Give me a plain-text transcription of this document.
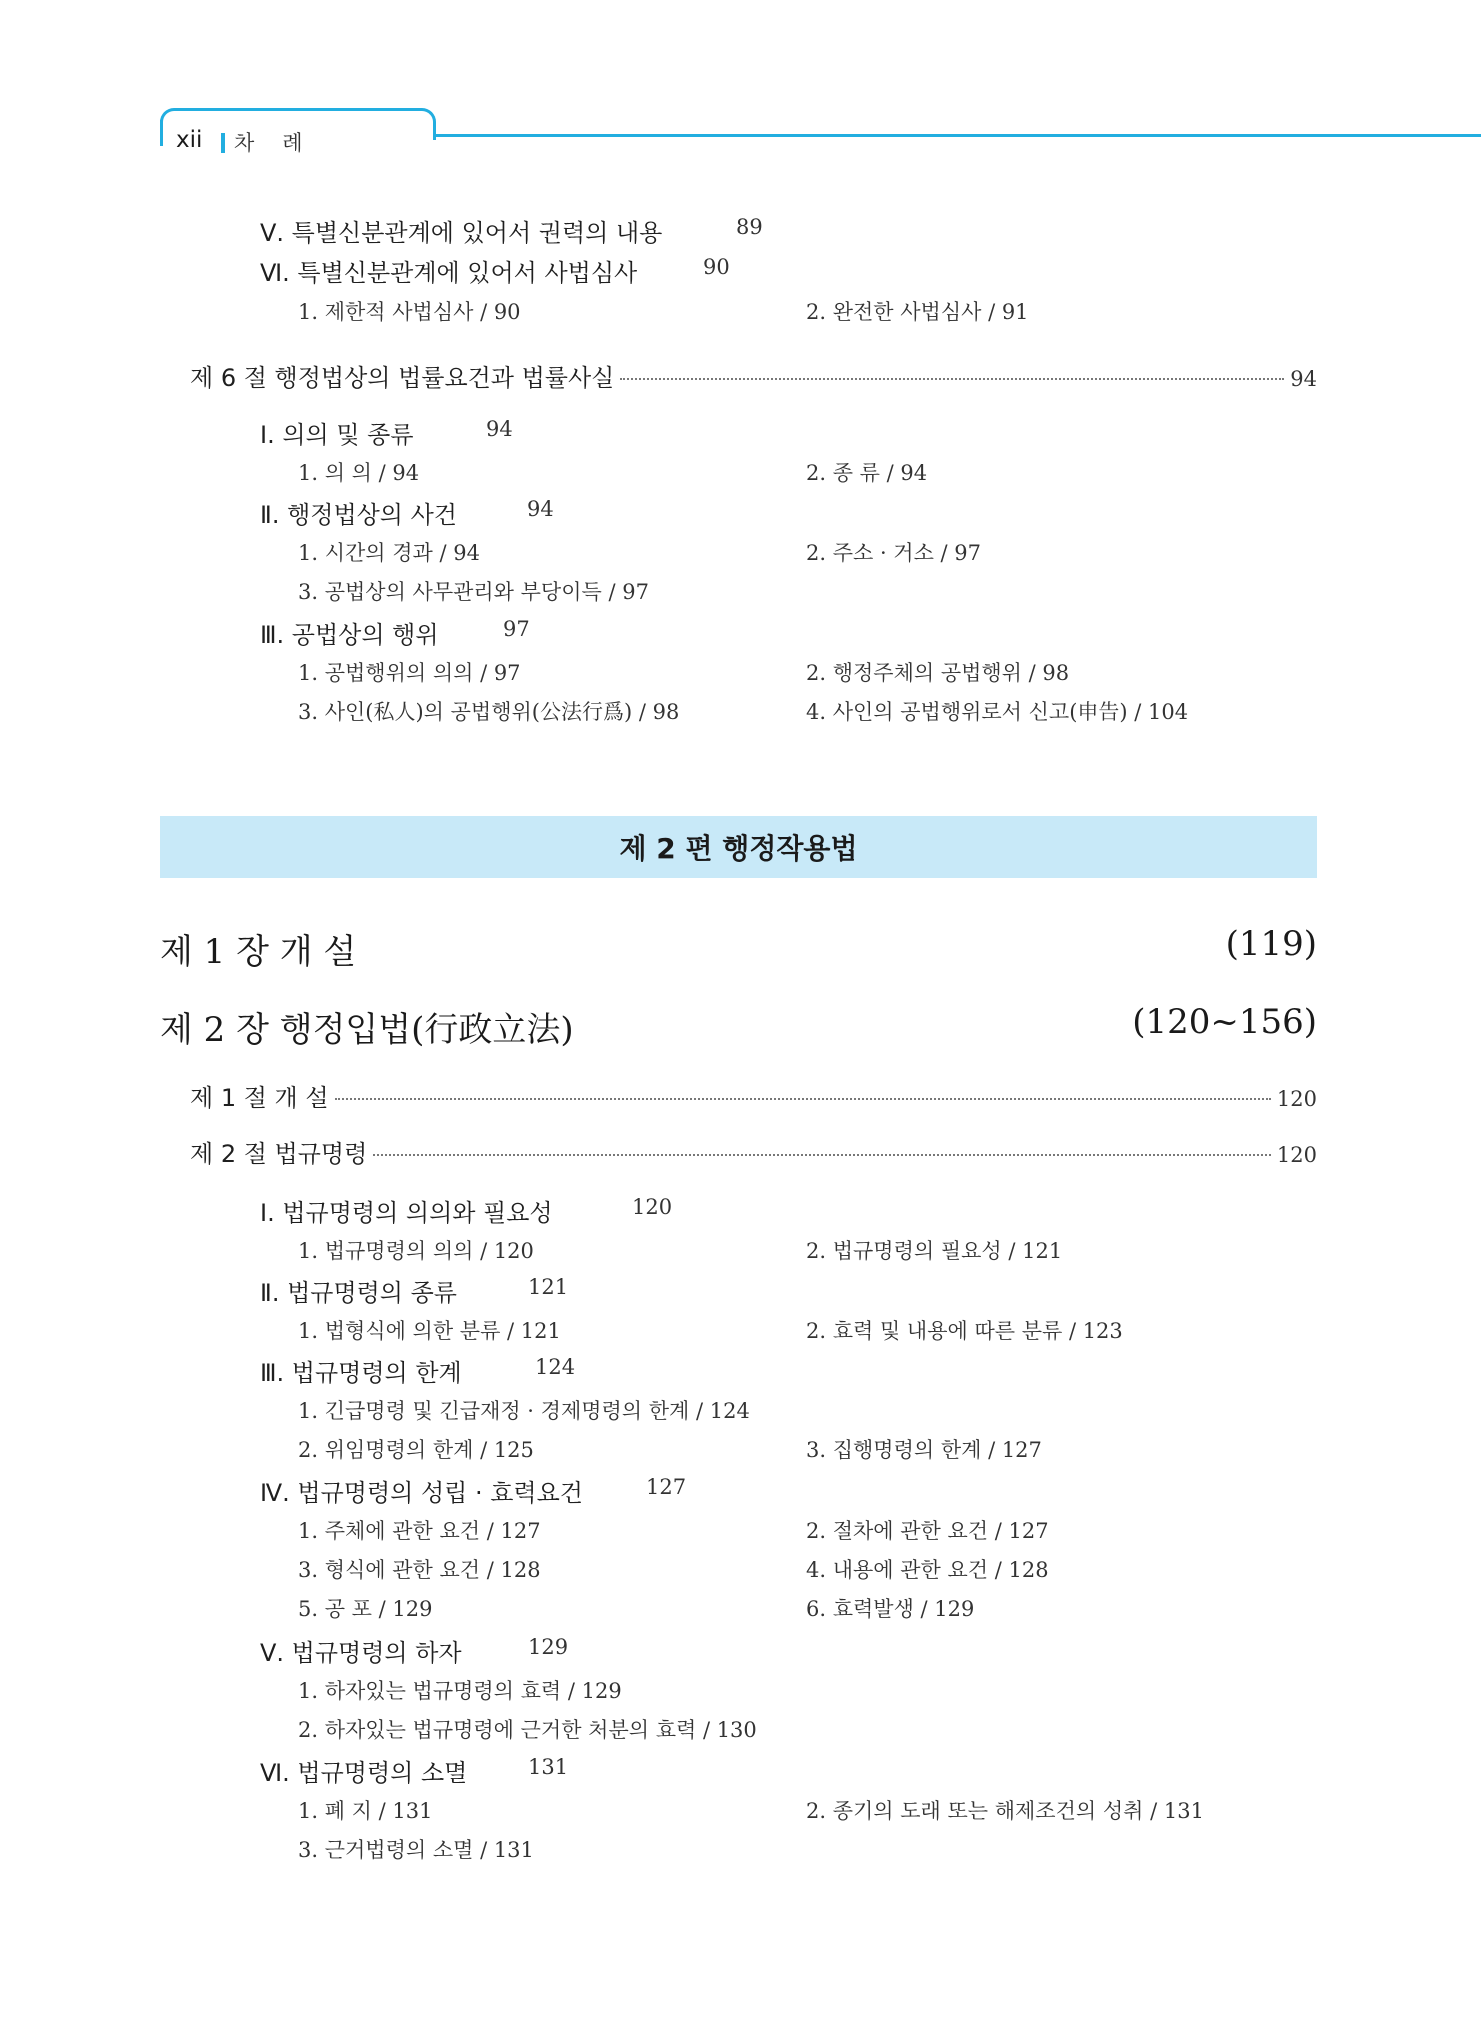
xii 차례
Ⅴ. 특별신분관계에 있어서 권력의 내용	89
Ⅵ. 특별신분관계에 있어서 사법심사	90
1. 제한적 사법심사 / 90	2. 완전한 사법심사 / 91
제 6 절 행정법상의 법률요건과 법률사실	94
Ⅰ. 의의 및 종류	94
1. 의 의 / 94	2. 종 류 / 94
Ⅱ. 행정법상의 사건	94
1. 시간의 경과 / 94	2. 주소 · 거소 / 97
3. 공법상의 사무관리와 부당이득 / 97
Ⅲ. 공법상의 행위	97
1. 공법행위의 의의 / 97	2. 행정주체의 공법행위 / 98
3. 사인(私人)의 공법행위(公法行爲) / 98	4. 사인의 공법행위로서 신고(申告) / 104
제 2 편 행정작용법
제 1 장 개 설	(119)
제 2 장 행정입법(行政立法)	(120~156)
제 1 절 개 설	120
제 2 절 법규명령	120
Ⅰ. 법규명령의 의의와 필요성	120
1. 법규명령의 의의 / 120	2. 법규명령의 필요성 / 121
Ⅱ. 법규명령의 종류	121
1. 법형식에 의한 분류 / 121	2. 효력 및 내용에 따른 분류 / 123
Ⅲ. 법규명령의 한계	124
1. 긴급명령 및 긴급재정 · 경제명령의 한계 / 124
2. 위임명령의 한계 / 125	3. 집행명령의 한계 / 127
Ⅳ. 법규명령의 성립 · 효력요건	127
1. 주체에 관한 요건 / 127	2. 절차에 관한 요건 / 127
3. 형식에 관한 요건 / 128	4. 내용에 관한 요건 / 128
5. 공 포 / 129	6. 효력발생 / 129
Ⅴ. 법규명령의 하자	129
1. 하자있는 법규명령의 효력 / 129
2. 하자있는 법규명령에 근거한 처분의 효력 / 130
Ⅵ. 법규명령의 소멸	131
1. 폐 지 / 131	2. 종기의 도래 또는 해제조건의 성취 / 131
3. 근거법령의 소멸 / 131
